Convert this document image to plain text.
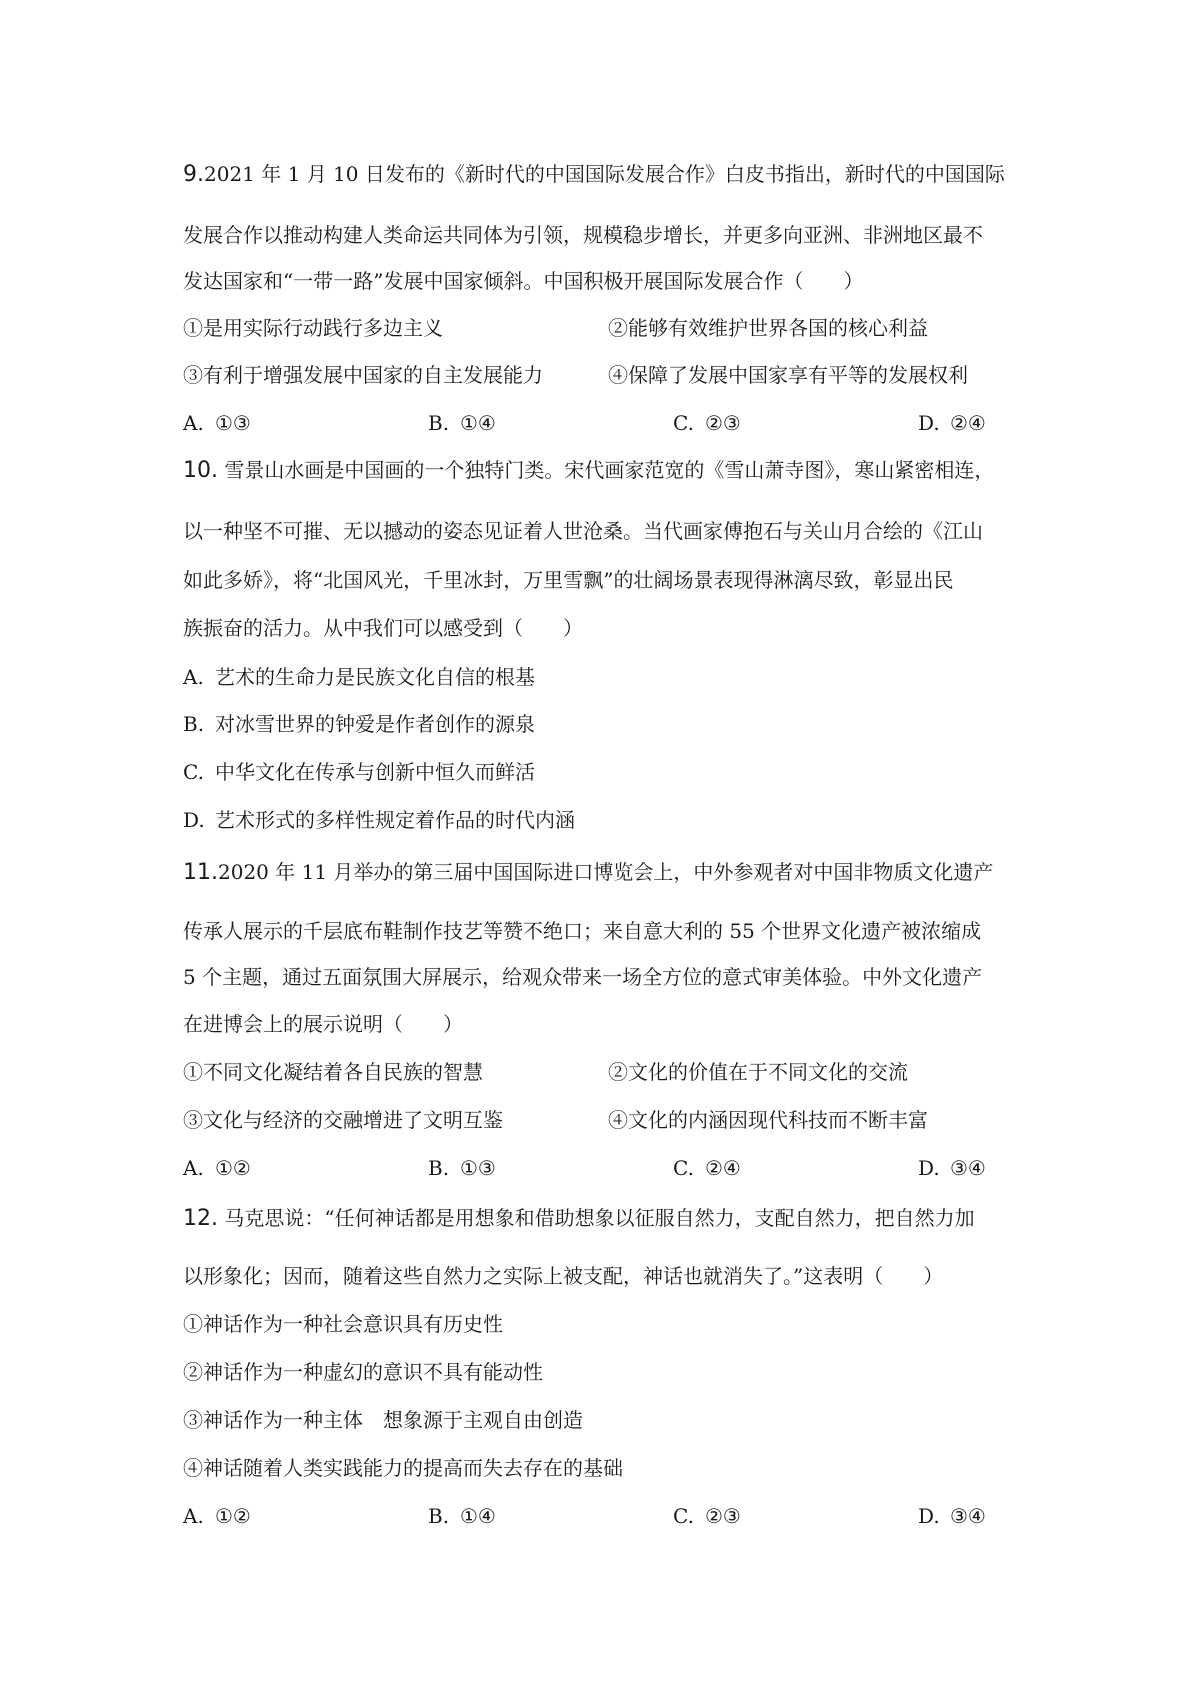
9.2021 年 1 月 10 日发布的《新时代的中国国际发展合作》白皮书指出，新时代的中国国际
发展合作以推动构建人类命运共同体为引领，规模稳步增长，并更多向亚洲、非洲地区最不
发达国家和“一带一路”发展中国家倾斜。中国积极开展国际发展合作（　　）
①是用实际行动践行多边主义	②能够有效维护世界各国的核心利益
③有利于增强发展中国家的自主发展能力	④保障了发展中国家享有平等的发展权利
A. ①③	B. ①④	C. ②③	D. ②④
10. 雪景山水画是中国画的一个独特门类。宋代画家范宽的《雪山萧寺图》，寒山紧密相连，
以一种坚不可摧、无以撼动的姿态见证着人世沧桑。当代画家傅抱石与关山月合绘的《江山
如此多娇》，将“北国风光，千里冰封，万里雪飘”的壮阔场景表现得淋漓尽致，彰显出民
族振奋的活力。从中我们可以感受到（　　）
A. 艺术的生命力是民族文化自信的根基
B. 对冰雪世界的钟爱是作者创作的源泉
C. 中华文化在传承与创新中恒久而鲜活
D. 艺术形式的多样性规定着作品的时代内涵
11.2020 年 11 月举办的第三届中国国际进口博览会上，中外参观者对中国非物质文化遗产
传承人展示的千层底布鞋制作技艺等赞不绝口；来自意大利的 55 个世界文化遗产被浓缩成
5 个主题，通过五面氛围大屏展示，给观众带来一场全方位的意式审美体验。中外文化遗产
在进博会上的展示说明（　　）
①不同文化凝结着各自民族的智慧	②文化的价值在于不同文化的交流
③文化与经济的交融增进了文明互鉴	④文化的内涵因现代科技而不断丰富
A. ①②	B. ①③	C. ②④	D. ③④
12. 马克思说：“任何神话都是用想象和借助想象以征服自然力，支配自然力，把自然力加
以形象化；因而，随着这些自然力之实际上被支配，神话也就消失了。”这表明（　　）
①神话作为一种社会意识具有历史性
②神话作为一种虚幻的意识不具有能动性
③神话作为一种主体　想象源于主观自由创造
④神话随着人类实践能力的提高而失去存在的基础
A. ①②	B. ①④	C. ②③	D. ③④
